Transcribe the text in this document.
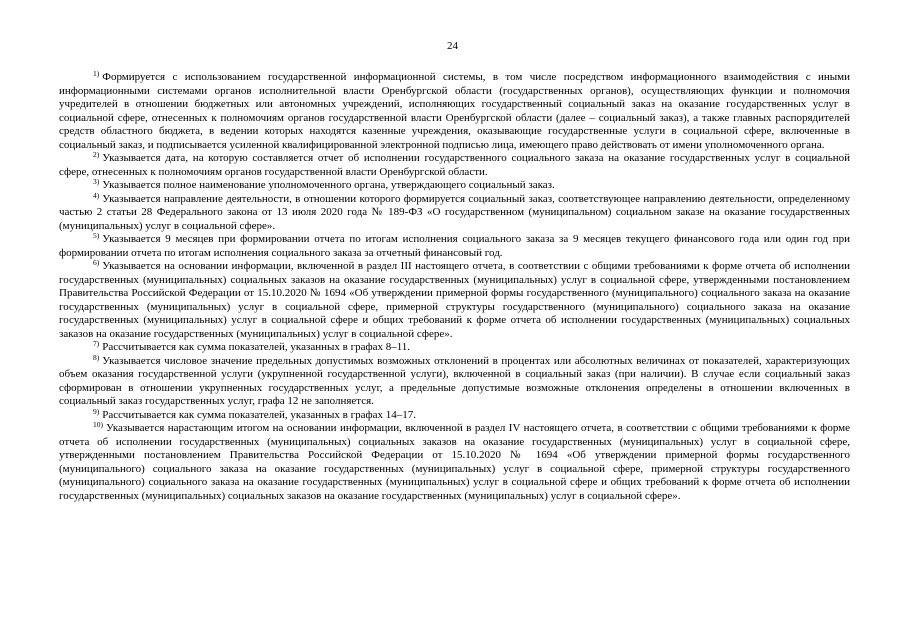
24

$^{1)}$ Формируется с использованием государственной информационной системы, в том числе посредством информационного взаимодействия с иными информационными системами органов исполнительной власти Оренбургской области (государственных органов), осуществляющих функции и полномочия учредителей в отношении бюджетных или автономных учреждений, исполняющих государственный социальный заказ на оказание государственных услуг в социальной сфере, отнесенных к полномочиям органов государственной власти Оренбургской области (далее – социальный заказ), а также главных распорядителей средств областного бюджета, в ведении которых находятся казенные учреждения, оказывающие государственные услуги в социальной сфере, включенные в социальный заказ, и подписывается усиленной квалифицированной электронной подписью лица, имеющего право действовать от имени уполномоченного органа.

$^{2)}$ Указывается дата, на которую составляется отчет об исполнении государственного социального заказа на оказание государственных услуг в социальной сфере, отнесенных к полномочиям органов государственной власти Оренбургской области.

$^{3)}$ Указывается полное наименование уполномоченного органа, утверждающего социальный заказ.

$^{4)}$ Указывается направление деятельности, в отношении которого формируется социальный заказ, соответствующее направлению деятельности, определенному частью 2 статьи 28 Федерального закона от 13 июля 2020 года № 189-ФЗ «О государственном (муниципальном) социальном заказе на оказание государственных (муниципальных) услуг в социальной сфере».

$^{5)}$ Указывается 9 месяцев при формировании отчета по итогам исполнения социального заказа за 9 месяцев текущего финансового года или один год при формировании отчета по итогам исполнения социального заказа за отчетный финансовый год.

$^{6)}$ Указывается на основании информации, включенной в раздел III настоящего отчета, в соответствии с общими требованиями к форме отчета об исполнении государственных (муниципальных) социальных заказов на оказание государственных (муниципальных) услуг в социальной сфере, утвержденными постановлением Правительства Российской Федерации от 15.10.2020 № 1694 «Об утверждении примерной формы государственного (муниципального) социального заказа на оказание государственных (муниципальных) услуг в социальной сфере, примерной структуры государственного (муниципального) социального заказа на оказание государственных (муниципальных) услуг в социальной сфере и общих требований к форме отчета об исполнении государственных (муниципальных) социальных заказов на оказание государственных (муниципальных) услуг в социальной сфере».

$^{7)}$ Рассчитывается как сумма показателей, указанных в графах 8–11.

$^{8)}$ Указывается числовое значение предельных допустимых возможных отклонений в процентах или абсолютных величинах от показателей, характеризующих объем оказания государственной услуги (укрупненной государственной услуги), включенной в социальный заказ (при наличии). В случае если социальный заказ сформирован в отношении укрупненных государственных услуг, а предельные допустимые возможные отклонения определены в отношении включенных в социальный заказ государственных услуг, графа 12 не заполняется.

$^{9)}$ Рассчитывается как сумма показателей, указанных в графах 14–17.

$^{10)}$ Указывается нарастающим итогом на основании информации, включенной в раздел IV настоящего отчета, в соответствии с общими требованиями к форме отчета об исполнении государственных (муниципальных) социальных заказов на оказание государственных (муниципальных) услуг в социальной сфере, утвержденными постановлением Правительства Российской Федерации от 15.10.2020 № 1694 «Об утверждении примерной формы государственного (муниципального) социального заказа на оказание государственных (муниципальных) услуг в социальной сфере, примерной структуры государственного (муниципального) социального заказа на оказание государственных (муниципальных) услуг в социальной сфере и общих требований к форме отчета об исполнении государственных (муниципальных) социальных заказов на оказание государственных (муниципальных) услуг в социальной сфере».
